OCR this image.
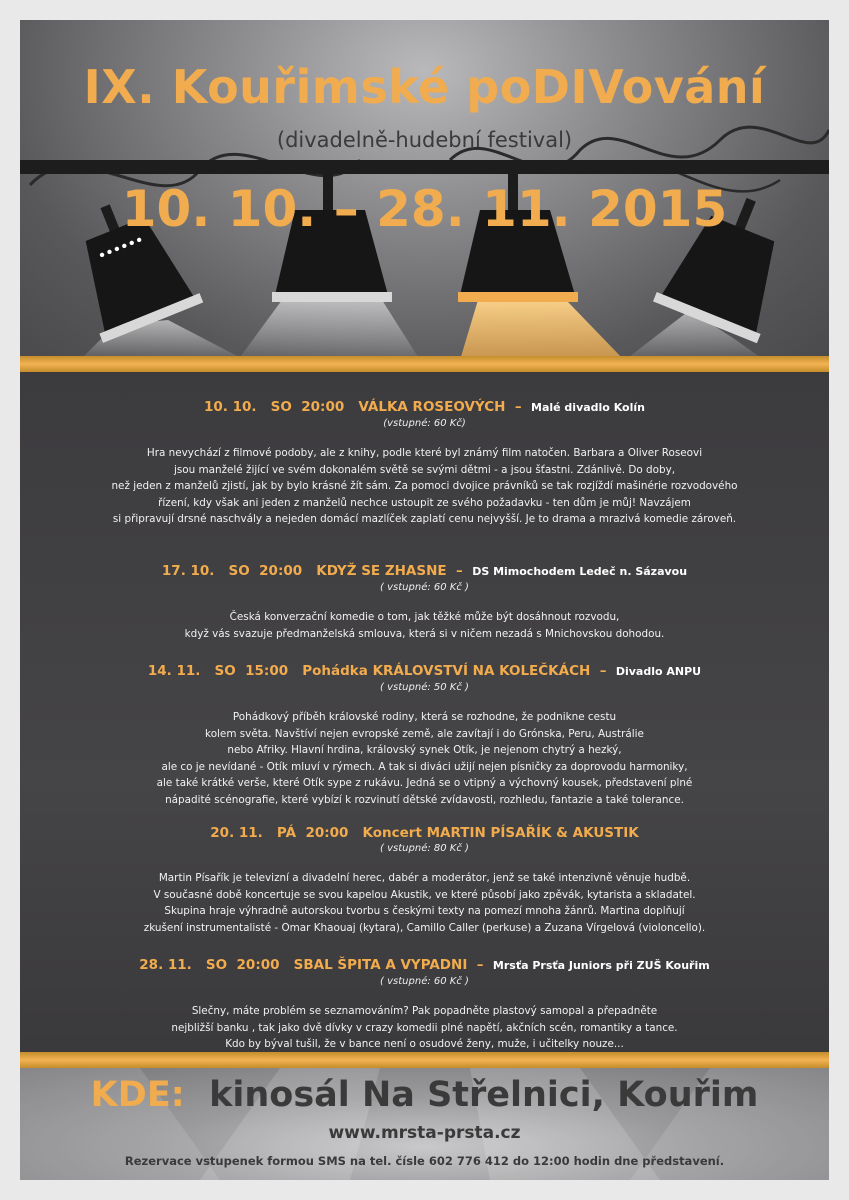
IX. Kouřimské poDIVování
(divadelně-hudební festival)
10. 10. – 28. 11. 2015
10. 10. SO 20:00 VÁLKA ROSEOVÝCH – Malé divadlo Kolín
(vstupné: 60 Kč)
Hra nevychází z filmové podoby, ale z knihy, podle které byl známý film natočen. Barbara a Oliver Roseovi
jsou manželé žijící ve svém dokonalém světě se svými dětmi - a jsou šťastni. Zdánlivě. Do doby,
než jeden z manželů zjistí, jak by bylo krásné žít sám. Za pomoci dvojice právníků se tak rozjíždí mašinérie rozvodového
řízení, kdy však ani jeden z manželů nechce ustoupit ze svého požadavku - ten dům je můj! Navzájem
si připravují drsné naschvály a nejeden domácí mazlíček zaplatí cenu nejvyšší. Je to drama a mrazivá komedie zároveň.
17. 10. SO 20:00 KDYŽ SE ZHASNE – DS Mimochodem Ledeč n. Sázavou
( vstupné: 60 Kč )
Česká konverzační komedie o tom, jak těžké může být dosáhnout rozvodu,
když vás svazuje předmanželská smlouva, která si v ničem nezadá s Mnichovskou dohodou.
14. 11. SO 15:00 Pohádka KRÁLOVSTVÍ NA KOLEČKÁCH – Divadlo ANPU
( vstupné: 50 Kč )
Pohádkový příběh královské rodiny, která se rozhodne, že podnikne cestu
kolem světa. Navštíví nejen evropské země, ale zavítají i do Grónska, Peru, Austrálie
nebo Afriky. Hlavní hrdina, královský synek Otík, je nejenom chytrý a hezký,
ale co je nevídané - Otík mluví v rýmech. A tak si diváci užijí nejen písničky za doprovodu harmoniky,
ale také krátké verše, které Otík sype z rukávu. Jedná se o vtipný a výchovný kousek, představení plné
nápadité scénografie, které vybízí k rozvinutí dětské zvídavosti, rozhledu, fantazie a také tolerance.
20. 11. PÁ 20:00 Koncert MARTIN PÍSAŘÍK & AKUSTIK
( vstupné: 80 Kč )
Martin Písařík je televizní a divadelní herec, dabér a moderátor, jenž se také intenzivně věnuje hudbě.
V současné době koncertuje se svou kapelou Akustik, ve které působí jako zpěvák, kytarista a skladatel.
Skupina hraje výhradně autorskou tvorbu s českými texty na pomezí mnoha žánrů. Martina doplňují
zkušení instrumentalisté - Omar Khaouaj (kytara), Camillo Caller (perkuse) a Zuzana Vírgelová (violoncello).
28. 11. SO 20:00 SBAL ŠPITA A VYPADNI – Mrsťa Prsťa Juniors při ZUŠ Kouřim
( vstupné: 60 Kč )
Slečny, máte problém se seznamováním? Pak popadněte plastový samopal a přepadněte
nejbližší banku , tak jako dvě dívky v crazy komedii plné napětí, akčních scén, romantiky a tance.
Kdo by býval tušil, že v bance není o osudové ženy, muže, i učitelky nouze...
KDE: kinosál Na Střelnici, Kouřim
www.mrsta-prsta.cz
Rezervace vstupenek formou SMS na tel. čísle 602 776 412 do 12:00 hodin dne představení.
